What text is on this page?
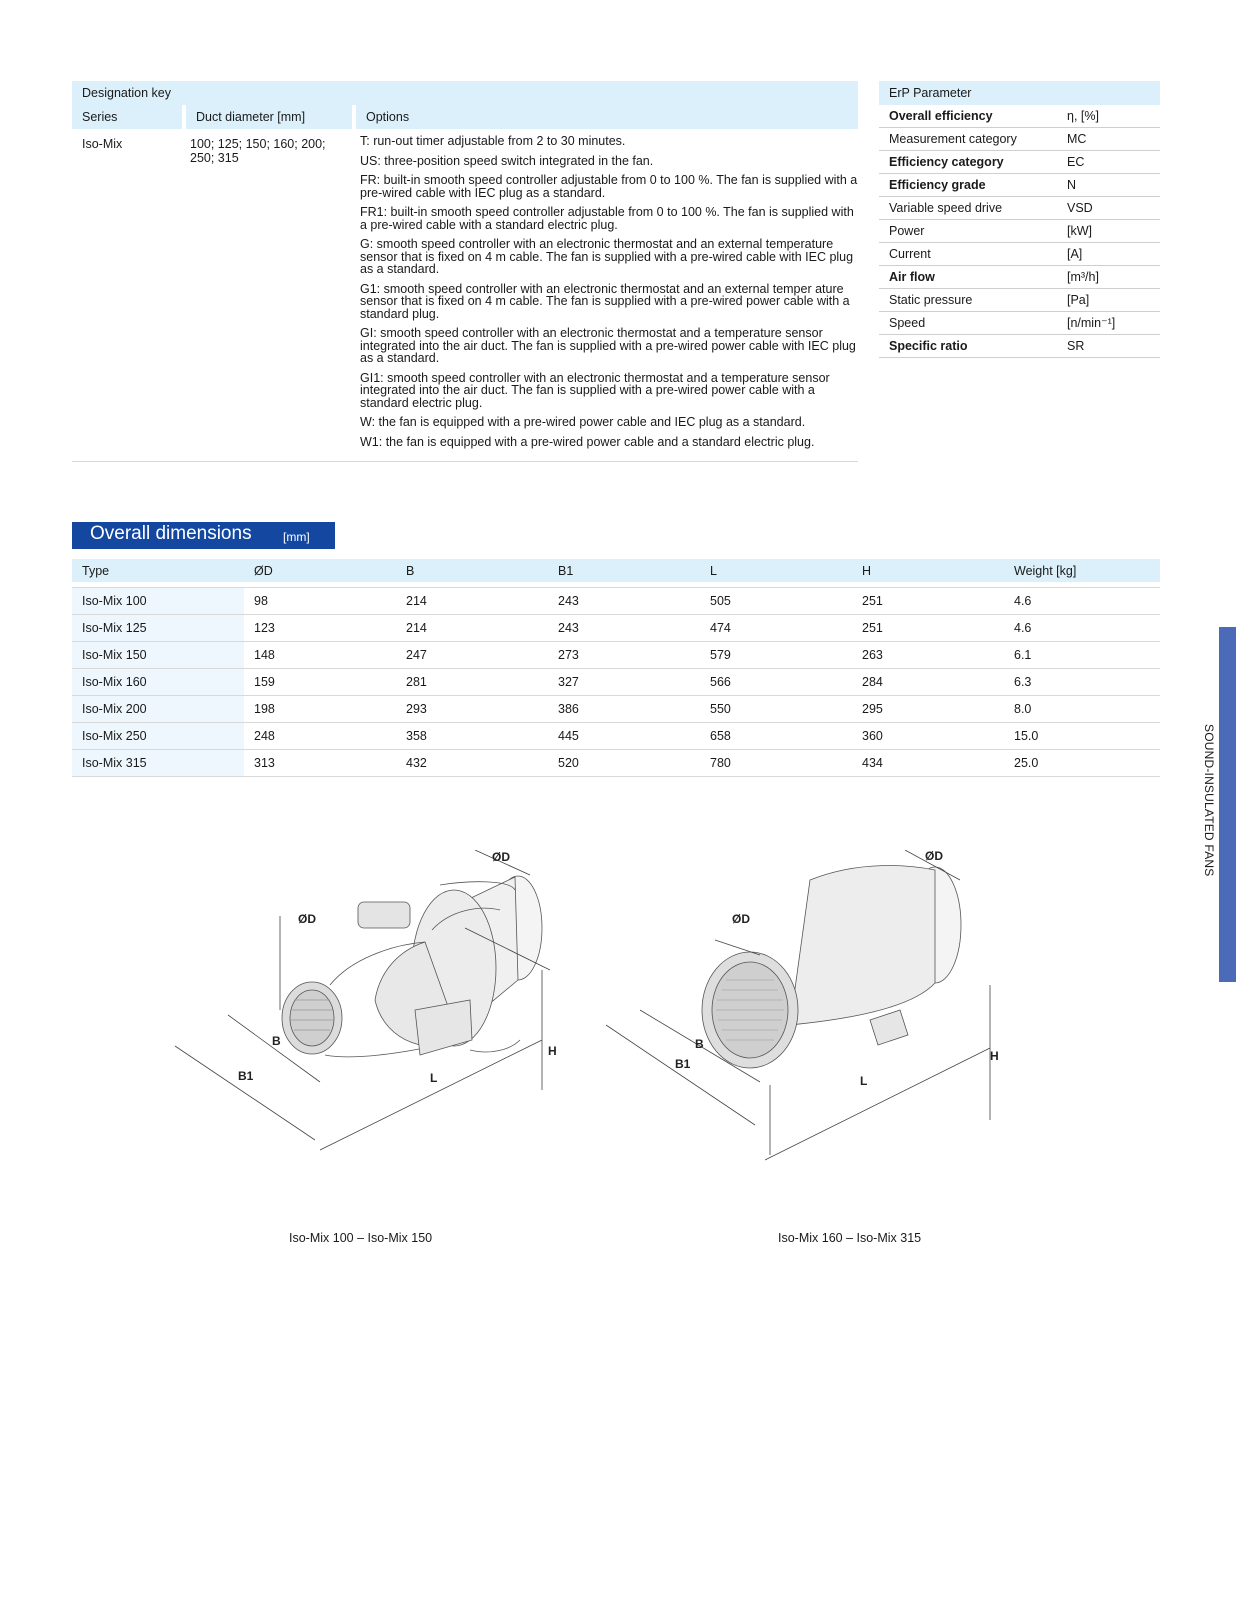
Designation key
Series	Duct diameter [mm]	Options
Iso-Mix	100; 125; 150; 160; 200; 250; 315

T: run-out timer adjustable from 2 to 30 minutes.

US: three-position speed switch integrated in the fan.

FR: built-in smooth speed controller adjustable from 0 to 100 %. The fan is supplied with a pre-wired cable with IEC plug as a standard.

FR1: built-in smooth speed controller adjustable from 0 to 100 %. The fan is supplied with a pre-wired cable with a standard electric plug.

G: smooth speed controller with an electronic thermostat and an external temperature sensor that is fixed on 4 m cable. The fan is supplied with a pre-wired cable with IEC plug as a standard.

G1: smooth speed controller with an electronic thermostat and an external temper ature sensor that is fixed on 4 m cable. The fan is supplied with a pre-wired power cable with a standard plug.

GI: smooth speed controller with an electronic thermostat and a temperature sensor integrated into the air duct. The fan is supplied with a pre-wired power cable with IEC plug as a standard.

GI1: smooth speed controller with an electronic thermostat and a temperature sensor integrated into the air duct. The fan is supplied with a pre-wired power cable with a standard electric plug.

W: the fan is equipped with a pre-wired power cable and IEC plug as a standard.

W1: the fan is equipped with a pre-wired power cable and a standard electric plug.

ErP Parameter
Overall efficiency	η, [%]
Measurement category	MC
Efficiency category	EC
Efficiency grade	N
Variable speed drive	VSD
Power	[kW]
Current	[A]
Air flow	[m³/h]
Static pressure	[Pa]
Speed	[n/min⁻¹]
Specific ratio	SR
Overall dimensions	[mm]
Type	ØD	B	B1	L	H	Weight [kg]

Iso-Mix 100	98	214	243	505	251	4.6
Iso-Mix 125	123	214	243	474	251	4.6
Iso-Mix 150	148	247	273	579	263	6.1
Iso-Mix 160	159	281	327	566	284	6.3
Iso-Mix 200	198	293	386	550	295	8.0
Iso-Mix 250	248	358	445	658	360	15.0
Iso-Mix 315	313	432	520	780	434	25.0	SOUND-INSULATED FANS
ØD
ØD
B
B1	L
H
ØD
ØD
B
B1
L
H
Iso-Mix 100 – Iso-Mix 150	Iso-Mix 160 – Iso-Mix 315
